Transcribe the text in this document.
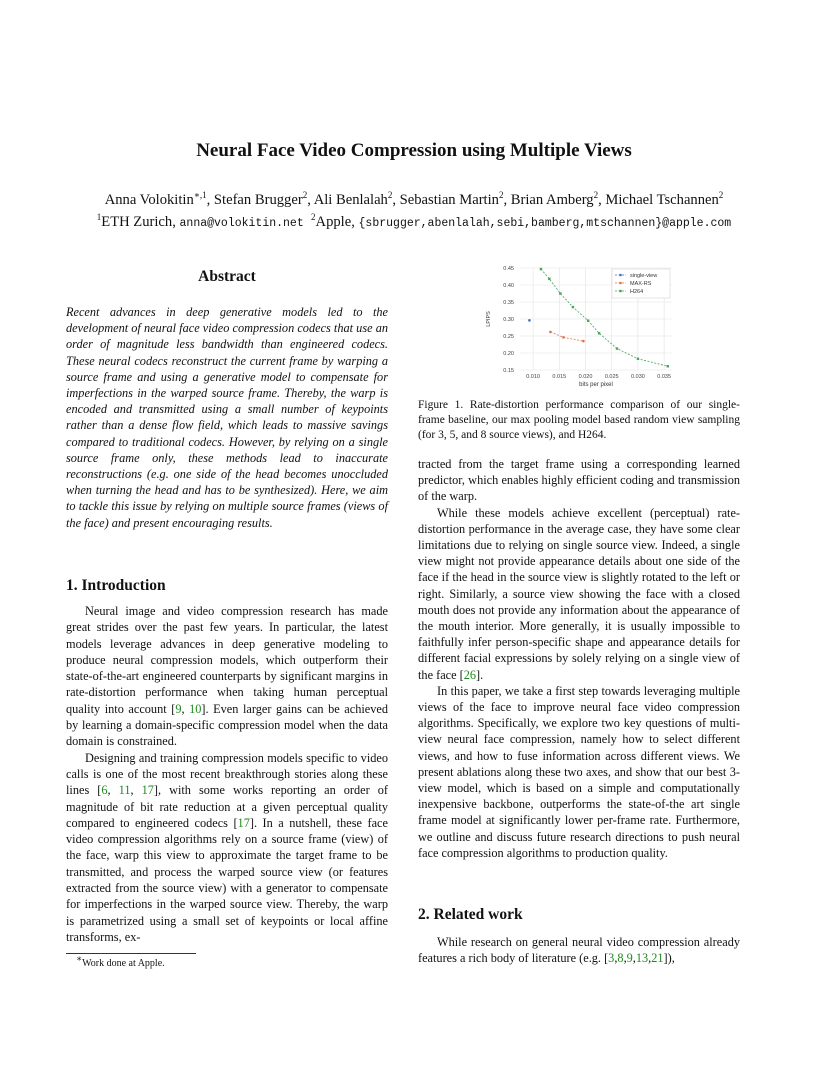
Neural Face Video Compression using Multiple Views
Anna Volokitin$^{∗,1}$, Stefan Brugger$^2$, Ali Benlalah$^2$, Sebastian Martin$^2$, Brian Amberg$^2$, Michael Tschannen$^2$
$^1$ETH Zurich, anna@volokitin.net $^2$Apple, {sbrugger,abenlalah,sebi,bamberg,mtschannen}@apple.com
Abstract
Recent advances in deep generative models led to the development of neural face video compression codecs that use an order of magnitude less bandwidth than engineered codecs. These neural codecs reconstruct the current frame by warping a source frame and using a generative model to compensate for imperfections in the warped source frame. Thereby, the warp is encoded and transmitted using a small number of keypoints rather than a dense flow field, which leads to massive savings compared to traditional codecs. However, by relying on a single source frame only, these methods lead to inaccurate reconstructions (e.g. one side of the head becomes unoccluded when turning the head and has to be synthesized). Here, we aim to tackle this issue by relying on multiple source frames (views of the face) and present encouraging results.
1. Introduction

Neural image and video compression research has made great strides over the past few years. In particular, the latest models leverage advances in deep generative modeling to produce neural compression models, which outperform their state-of-the-art engineered counterparts by significant margins in rate-distortion performance when taking human perceptual quality into account [9, 10]. Even larger gains can be achieved by learning a domain-specific compression model when the data domain is constrained.

Designing and training compression models specific to video calls is one of the most recent breakthrough stories along these lines [6, 11, 17], with some works reporting an order of magnitude of bit rate reduction at a given perceptual quality compared to engineered codecs [17]. In a nutshell, these face video compression algorithms rely on a source frame (view) of the face, warp this view to approximate the target frame to be transmitted, and process the warped source view (or features extracted from the source view) with a generator to compensate for imperfections in the warped source view. Thereby, the warp is parametrized using a small set of keypoints or local affine transforms, ex-

∗Work done at Apple.
0.15
0.20
0.25
0.30
0.35
0.40
0.45
0.010 0.015 0.020 0.025 0.030 0.035
bits per pixel
LPIPS
single-view
MAX-RS
H264
Figure 1. Rate-distortion performance comparison of our single-frame baseline, our max pooling model based random view sampling (for 3, 5, and 8 source views), and H264.

tracted from the target frame using a corresponding learned predictor, which enables highly efficient coding and transmission of the warp.

While these models achieve excellent (perceptual) rate-distortion performance in the average case, they have some clear limitations due to relying on single source view. Indeed, a single view might not provide appearance details about one side of the face if the head in the source view is slightly rotated to the left or right. Similarly, a source view showing the face with a closed mouth does not provide any information about the appearance of the mouth interior. More generally, it is usually impossible to faithfully infer person-specific shape and appearance details for different facial expressions by solely relying on a single view of the face [26].

In this paper, we take a first step towards leveraging multiple views of the face to improve neural face video compression algorithms. Specifically, we explore two key questions of multi-view neural face compression, namely how to select different views, and how to fuse information across different views. We present ablations along these two axes, and show that our best 3-view model, which is based on a simple and computationally inexpensive backbone, outperforms the state-of-the art single frame model at significantly lower per-frame rate. Furthermore, we outline and discuss future research directions to push neural face compression algorithms to production quality.

2. Related work
While research on general neural video compression already features a rich body of literature (e.g. [3,8,9,13,21]),
